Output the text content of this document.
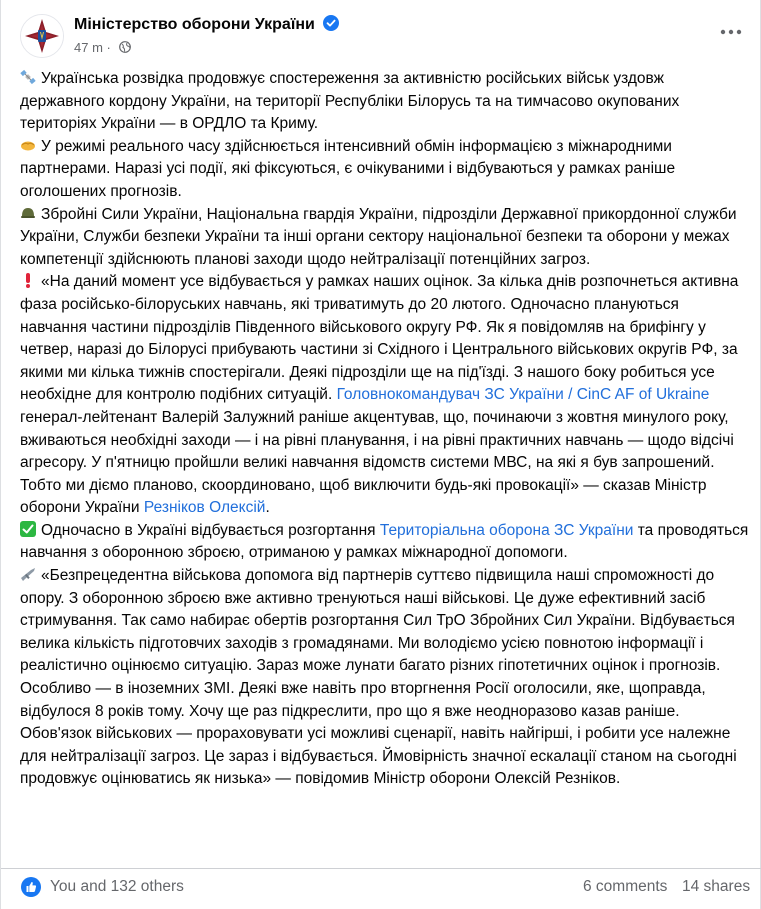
Міністерство оборони України
47 m ·

Українська розвідка продовжує спостереження за активністю російських військ уздовж державного кордону України, на території Республіки Білорусь та на тимчасово окупованих територіях України — в ОРДЛО та Криму.

У режимі реального часу здійснюється інтенсивний обмін інформацією з міжнародними партнерами. Наразі усі події, які фіксуються, є очікуваними і відбуваються у рамках раніше оголошених прогнозів.

Збройні Сили України, Національна гвардія України, підрозділи Державної прикордонної служби України, Служби безпеки України та інші органи сектору національної безпеки та оборони у межах компетенції здійснюють планові заходи щодо нейтралізації потенційних загроз.

«На даний момент усе відбувається у рамках наших оцінок. За кілька днів розпочнеться активна фаза російсько-білоруських навчань, які триватимуть до 20 лютого. Одночасно плануються навчання частини підрозділів Південного військового округу РФ. Як я повідомляв на брифінгу у четвер, наразі до Білорусі прибувають частини зі Східного і Центрального військових округів РФ, за якими ми кілька тижнів спостерігали. Деякі підрозділи ще на під'їзді. З нашого боку робиться усе необхідне для контролю подібних ситуацій. Головнокомандувач ЗС України / CinC AF of Ukraine генерал-лейтенант Валерій Залужний раніше акцентував, що, починаючи з жовтня минулого року, вживаються необхідні заходи — і на рівні планування, і на рівні практичних навчань — щодо відсічі агресору. У п'ятницю пройшли великі навчання відомств системи МВС, на які я був запрошений. Тобто ми діємо планово, скоординовано, щоб виключити будь-які провокації» — сказав Міністр оборони України Резніков Олексій.

Одночасно в Україні відбувається розгортання Територіальна оборона ЗС України та проводяться навчання з оборонною зброєю, отриманою у рамках міжнародної допомоги.

«Безпрецедентна військова допомога від партнерів суттєво підвищила наші спроможності до опору. З оборонною зброєю вже активно тренуються наші військові. Це дуже ефективний засіб стримування. Так само набирає обертів розгортання Сил ТрО Збройних Сил України. Відбувається велика кількість підготовчих заходів з громадянами. Ми володіємо усією повнотою інформації і реалістично оцінюємо ситуацію. Зараз може лунати багато різних гіпотетичних оцінок і прогнозів. Особливо — в іноземних ЗМІ. Деякі вже навіть про вторгнення Росії оголосили, яке, щоправда, відбулося 8 років тому. Хочу ще раз підкреслити, про що я вже неодноразово казав раніше. Обов'язок військових — прораховувати усі можливі сценарії, навіть найгірші, і робити усе належне для нейтралізації загроз. Це зараз і відбувається. Ймовірність значної ескалації станом на сьогодні продовжує оцінюватись як низька» — повідомив Міністр оборони Олексій Резніков.

You and 132 others	6 comments 14 shares
